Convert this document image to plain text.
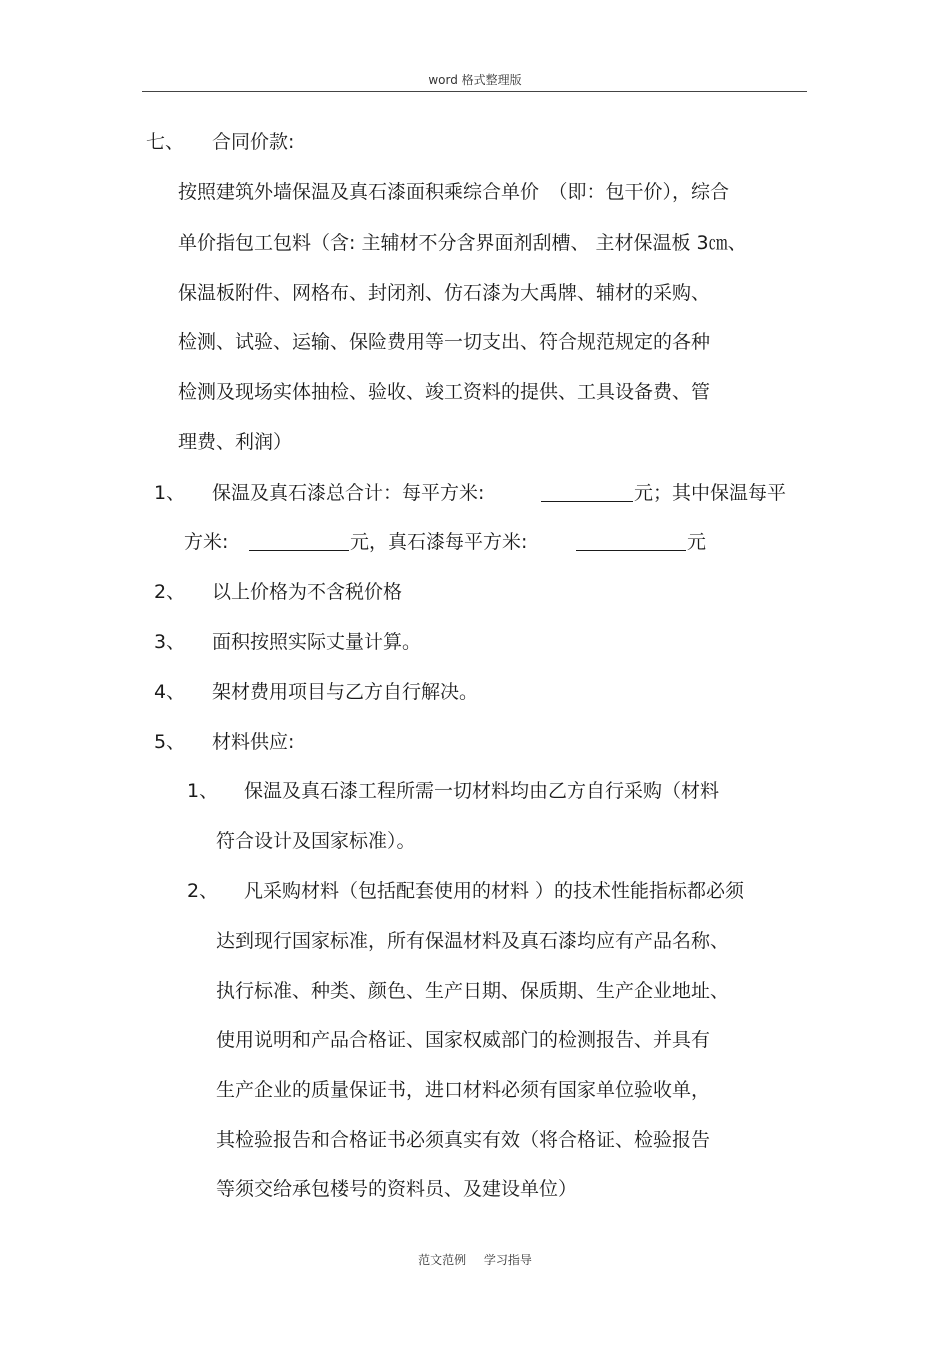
word 格式整理版
七、 合同价款:
按照建筑外墙保温及真石漆面积乘综合单价　（即：包干价），综合
单价指包工包料（含: 主辅材不分含界面剂刮槽、 主材保温板 3㎝、
保温板附件、网格布、封闭剂、仿石漆为大禹牌、辅材的采购、
检测、试验、运输、保险费用等一切支出、符合规范规定的各种
检测及现场实体抽检、验收、竣工资料的提供、工具设备费、管
理费、利润）
1、 保温及真石漆总合计：每平方米:	元；其中保温每平
方米:	元，真石漆每平方米:	元
2、 以上价格为不含税价格
3、 面积按照实际丈量计算。
4、 架材费用项目与乙方自行解决。
5、 材料供应:
1、 保温及真石漆工程所需一切材料均由乙方自行采购（材料
符合设计及国家标准）。
2、 凡采购材料（包括配套使用的材料 ）的技术性能指标都必须
达到现行国家标准，所有保温材料及真石漆均应有产品名称、
执行标准、种类、颜色、生产日期、保质期、生产企业地址、
使用说明和产品合格证、国家权威部门的检测报告、并具有
生产企业的质量保证书，进口材料必须有国家单位验收单，
其检验报告和合格证书必须真实有效（将合格证、检验报告
等须交给承包楼号的资料员、及建设单位）
范文范例 学习指导
